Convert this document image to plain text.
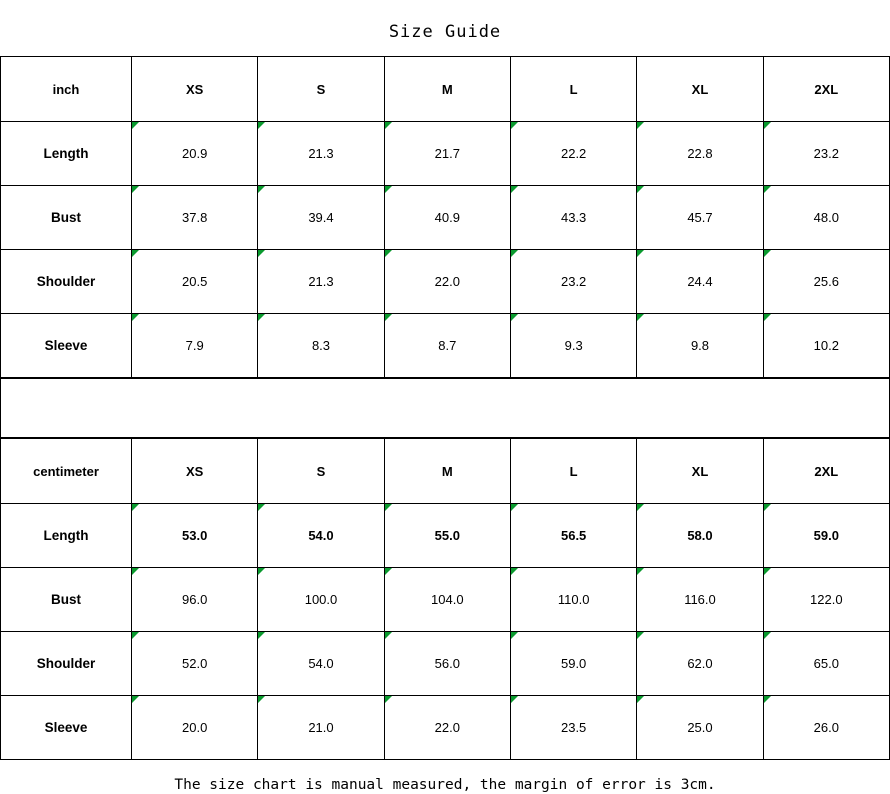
Size Guide
inch	XS	S	M	L	XL	2XL
Length	20.9	21.3	21.7	22.2	22.8	23.2
Bust	37.8	39.4	40.9	43.3	45.7	48.0
Shoulder	20.5	21.3	22.0	23.2	24.4	25.6
Sleeve	7.9	8.3	8.7	9.3	9.8	10.2
centimeter	XS	S	M	L	XL	2XL
Length	53.0	54.0	55.0	56.5	58.0	59.0
Bust	96.0	100.0	104.0	110.0	116.0	122.0
Shoulder	52.0	54.0	56.0	59.0	62.0	65.0
Sleeve	20.0	21.0	22.0	23.5	25.0	26.0
The size chart is manual measured, the margin of error is 3cm.
